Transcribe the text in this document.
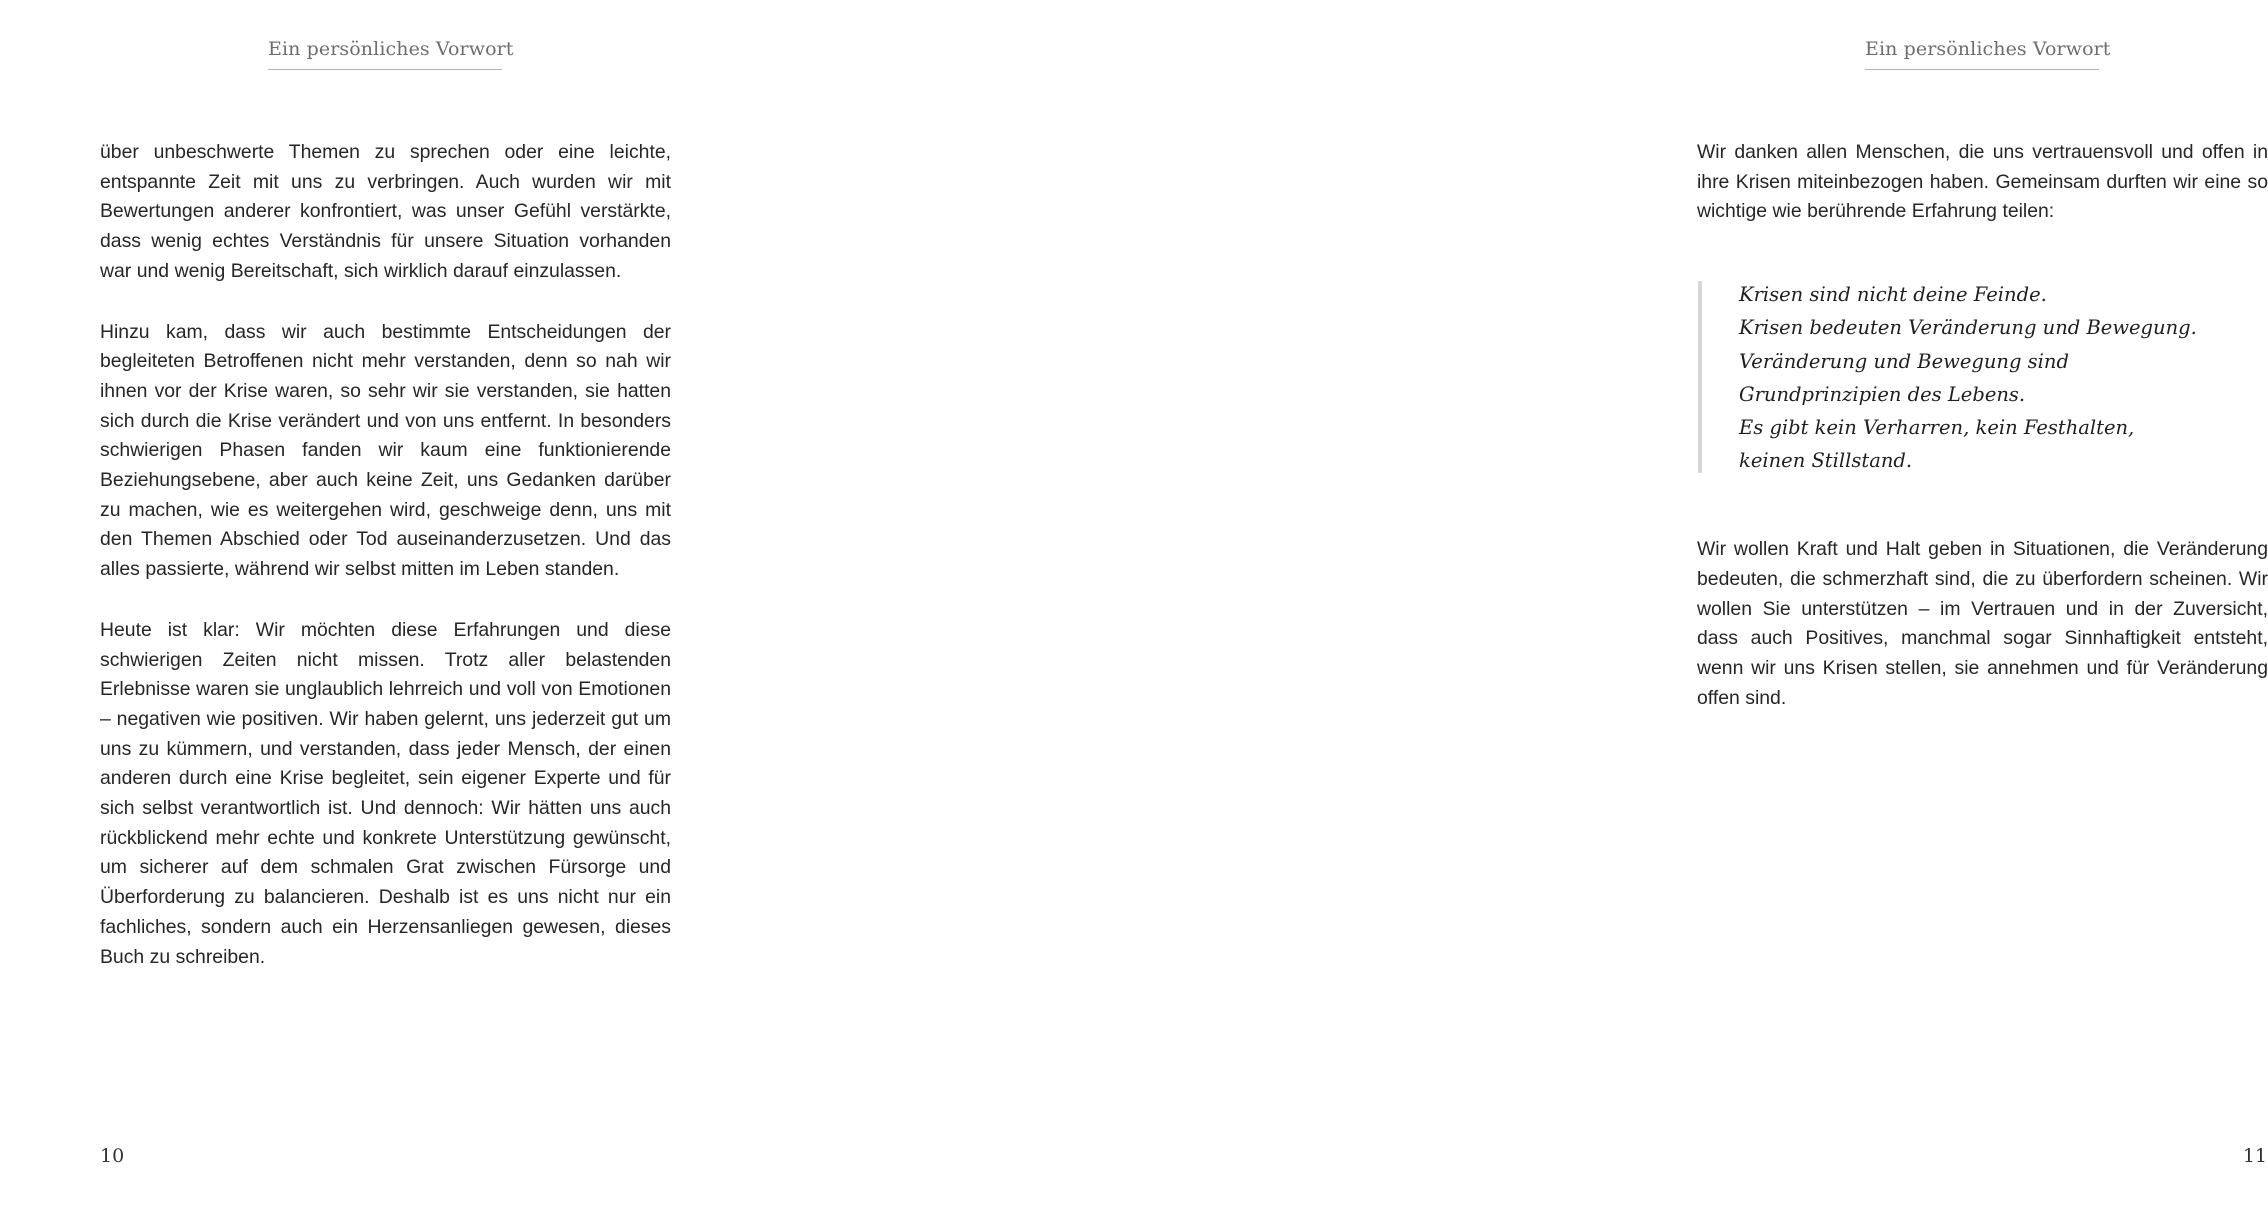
Ein persönliches Vorwort

über unbeschwerte Themen zu sprechen oder eine leichte, entspannte Zeit mit uns zu verbringen. Auch wurden wir mit Bewertungen anderer konfrontiert, was unser Gefühl verstärkte, dass wenig echtes Verständnis für unsere Situation vorhanden war und wenig Bereitschaft, sich wirklich darauf einzulassen.

Hinzu kam, dass wir auch bestimmte Entscheidungen der begleiteten Betroffenen nicht mehr verstanden, denn so nah wir ihnen vor der Krise waren, so sehr wir sie verstanden, sie hatten sich durch die Krise verändert und von uns entfernt. In besonders schwierigen Phasen fanden wir kaum eine funktionierende Beziehungsebene, aber auch keine Zeit, uns Gedanken darüber zu machen, wie es weitergehen wird, geschweige denn, uns mit den Themen Abschied oder Tod auseinanderzusetzen. Und das alles passierte, während wir selbst mitten im Leben standen.

Heute ist klar: Wir möchten diese Erfahrungen und diese schwierigen Zeiten nicht missen. Trotz aller belastenden Erlebnisse waren sie unglaublich lehrreich und voll von Emotionen – negativen wie positiven. Wir haben gelernt, uns jederzeit gut um uns zu kümmern, und verstanden, dass jeder Mensch, der einen anderen durch eine Krise begleitet, sein eigener Experte und für sich selbst verantwortlich ist. Und dennoch: Wir hätten uns auch rückblickend mehr echte und konkrete Unterstützung gewünscht, um sicherer auf dem schmalen Grat zwischen Fürsorge und Überforderung zu balancieren. Deshalb ist es uns nicht nur ein fachliches, sondern auch ein Herzensanliegen gewesen, dieses Buch zu schreiben.

10
Ein persönliches Vorwort

Wir danken allen Menschen, die uns vertrauensvoll und offen in ihre Krisen miteinbezogen haben. Gemeinsam durften wir eine so wichtige wie berührende Erfahrung teilen:

Krisen sind nicht deine Feinde.
Krisen bedeuten Veränderung und Bewegung.
Veränderung und Bewegung sind
Grundprinzipien des Lebens.
Es gibt kein Verharren, kein Festhalten,
keinen Stillstand.

Wir wollen Kraft und Halt geben in Situationen, die Veränderung bedeuten, die schmerzhaft sind, die zu überfordern scheinen. Wir wollen Sie unterstützen – im Vertrauen und in der Zuversicht, dass auch Positives, manchmal sogar Sinnhaftigkeit entsteht, wenn wir uns Krisen stellen, sie annehmen und für Veränderung offen sind.

11
